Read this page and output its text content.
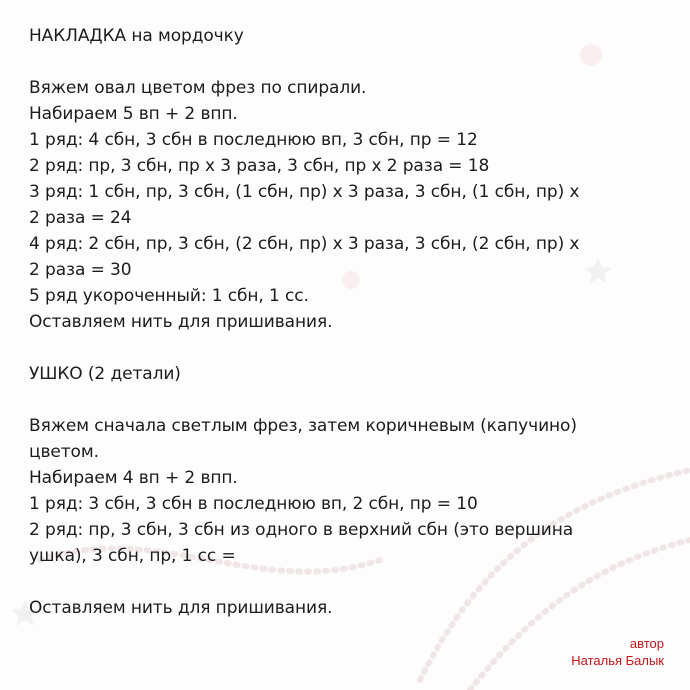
НАКЛАДКА на мордочку
Вяжем овал цветом фрез по спирали.
Набираем 5 вп + 2 впп.
1 ряд: 4 сбн, 3 сбн в последнюю вп, 3 сбн, пр = 12
2 ряд: пр, 3 сбн, пр х 3 раза, 3 сбн, пр х 2 раза = 18
3 ряд: 1 сбн, пр, 3 сбн, (1 сбн, пр) х 3 раза, 3 сбн, (1 сбн, пр) х
2 раза = 24
4 ряд: 2 сбн, пр, 3 сбн, (2 сбн, пр) х 3 раза, 3 сбн, (2 сбн, пр) х
2 раза = 30
5 ряд укороченный: 1 сбн, 1 сс.
Оставляем нить для пришивания.
УШКО (2 детали)
Вяжем сначала светлым фрез, затем коричневым (капучино)
цветом.
Набираем 4 вп + 2 впп.
1 ряд: 3 сбн, 3 сбн в последнюю вп, 2 сбн, пр = 10
2 ряд: пр, 3 сбн, 3 сбн из одного в верхний сбн (это вершина
ушка), 3 сбн, пр, 1 сс =
Оставляем нить для пришивания.
автор
Наталья Балык
